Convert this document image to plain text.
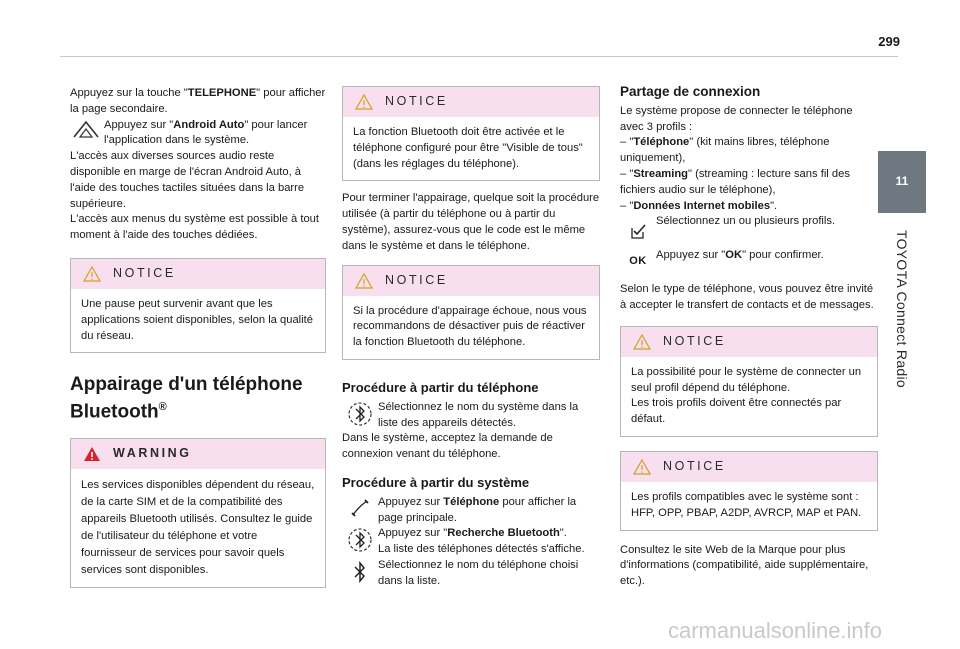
299
11
TOYOTA Connect Radio

Appuyez sur la touche "TELEPHONE" pour afficher la page secondaire.

Appuyez sur "Android Auto" pour lancer l'application dans le système.

L'accès aux diverses sources audio reste disponible en marge de l'écran Android Auto, à l'aide des touches tactiles situées dans la barre supérieure.

L'accès aux menus du système est possible à tout moment à l'aide des touches dédiées.

NOTICE
Une pause peut survenir avant que les applications soient disponibles, selon la qualité du réseau.
Appairage d'un téléphone
Bluetooth®
WARNING
Les services disponibles dépendent du réseau, de la carte SIM et de la compatibilité des appareils Bluetooth utilisés. Consultez le guide de l'utilisateur du téléphone et votre fournisseur de services pour savoir quels services sont disponibles.
NOTICE
La fonction Bluetooth doit être activée et le téléphone configuré pour être "Visible de tous" (dans les réglages du téléphone).

Pour terminer l'appairage, quelque soit la procédure utilisée (à partir du téléphone ou à partir du système), assurez-vous que le code est le même dans le système et dans le téléphone.

NOTICE
Si la procédure d'appairage échoue, nous vous recommandons de désactiver puis de réactiver la fonction Bluetooth du téléphone.
Procédure à partir du téléphone

Sélectionnez le nom du système dans la liste des appareils détectés.

Dans le système, acceptez la demande de connexion venant du téléphone.

Procédure à partir du système

Appuyez sur Téléphone pour afficher la page principale.

Appuyez sur "Recherche Bluetooth".
La liste des téléphones détectés s'affiche.

Sélectionnez le nom du téléphone choisi dans la liste.

Partage de connexion

Le système propose de connecter le téléphone avec 3 profils :

– "Téléphone" (kit mains libres, téléphone uniquement),

– "Streaming" (streaming : lecture sans fil des fichiers audio sur le téléphone),

– "Données Internet mobiles".

Sélectionnez un ou plusieurs profils.

OK Appuyez sur "OK" pour confirmer.

Selon le type de téléphone, vous pouvez être invité à accepter le transfert de contacts et de messages.

NOTICE
La possibilité pour le système de connecter un seul profil dépend du téléphone.
Les trois profils doivent être connectés par défaut.
NOTICE
Les profils compatibles avec le système sont : HFP, OPP, PBAP, A2DP, AVRCP, MAP et PAN.

Consultez le site Web de la Marque pour plus d'informations (compatibilité, aide supplémentaire, etc.).

carmanualsonline.info
